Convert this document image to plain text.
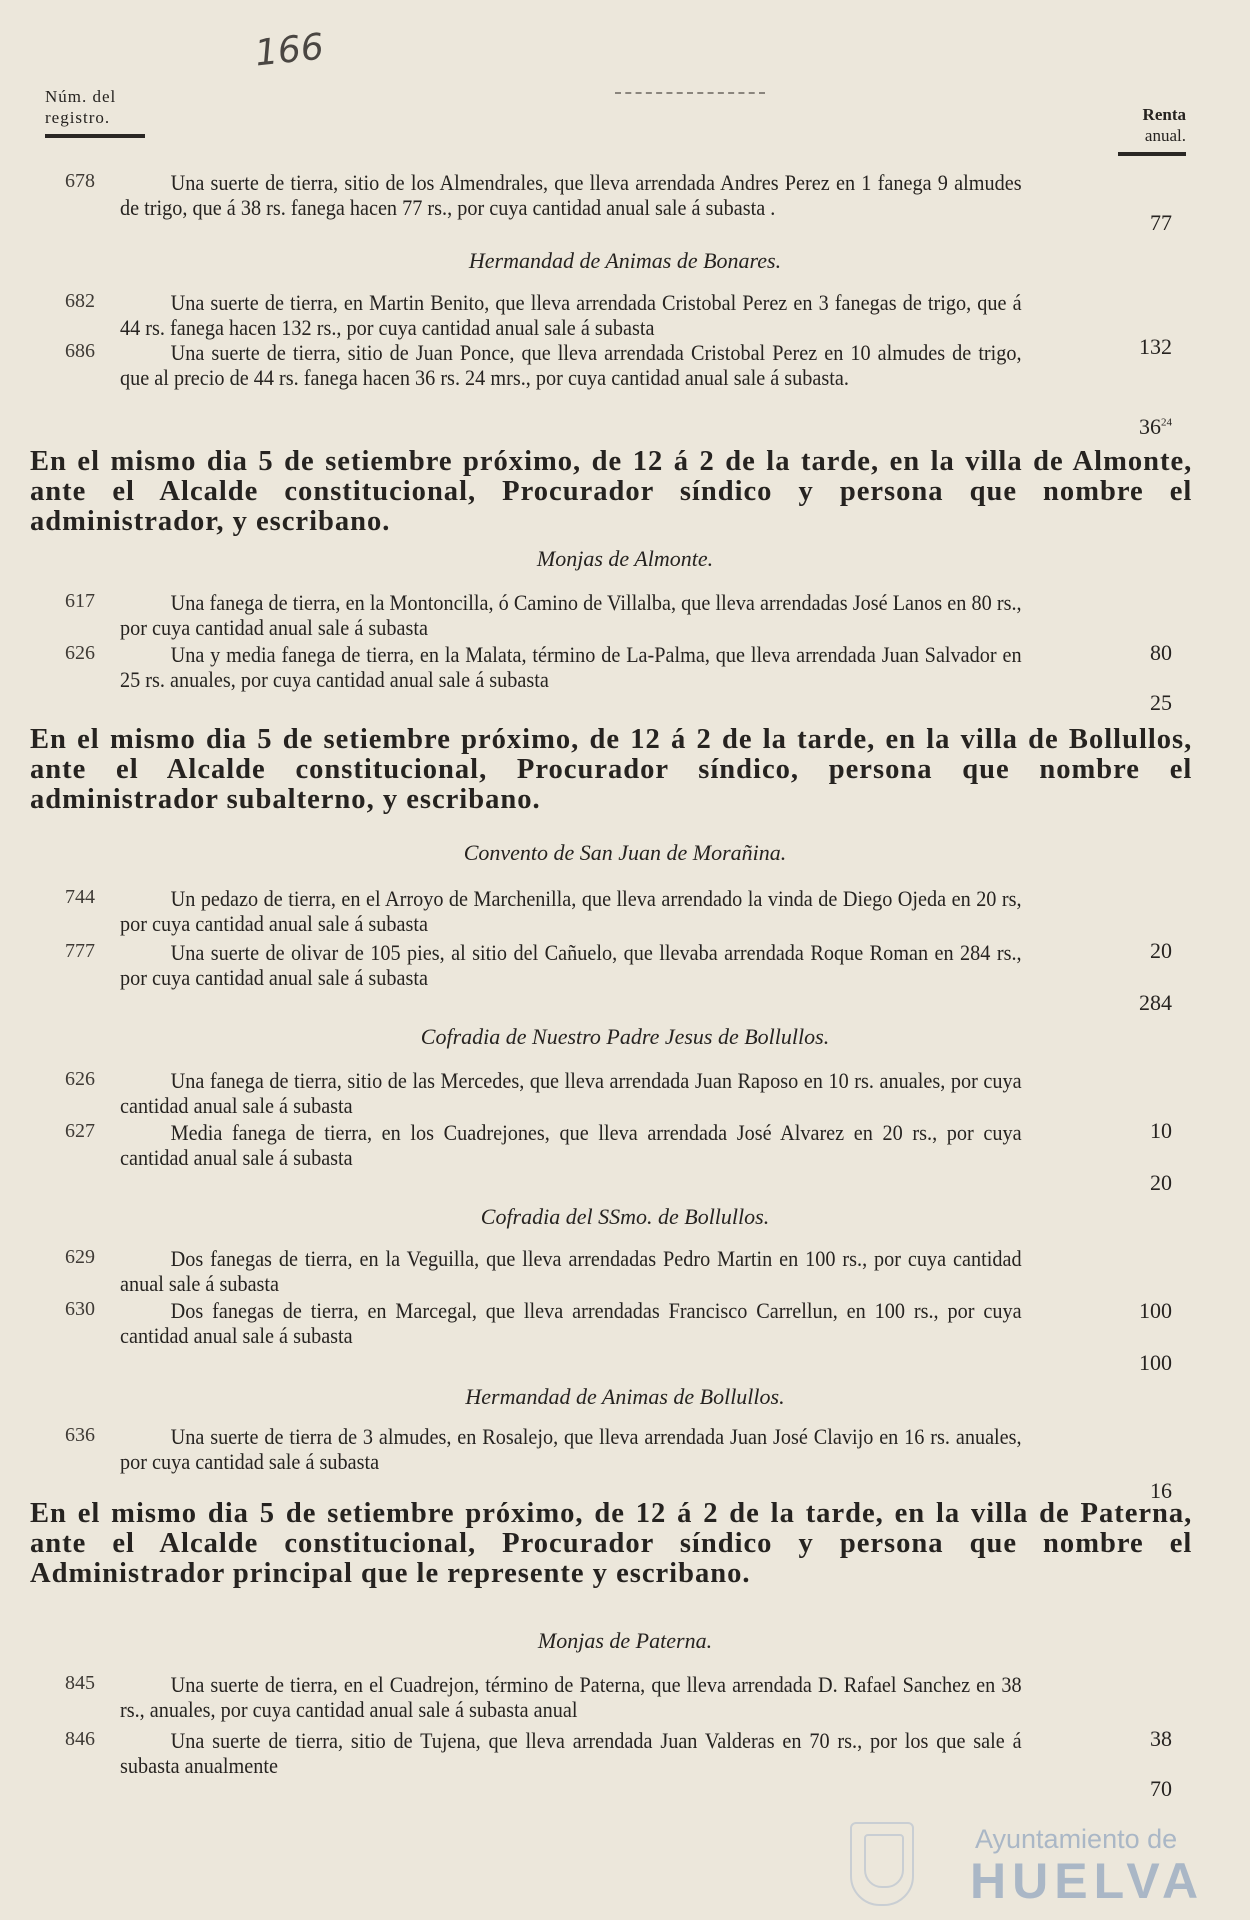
166
Núm. del registro.	Renta
anual.
678	Una suerte de tierra, sitio de los Almendrales, que lleva arrendada Andres Perez en 1 fanega 9 almudes de trigo, que á 38 rs. fanega hacen 77 rs., por cuya cantidad anual sale á subasta .
77
Hermandad de Animas de Bonares.
682	Una suerte de tierra, en Martin Benito, que lleva arrendada Cristobal Perez en 3 fanegas de trigo, que á 44 rs. fanega hacen 132 rs., por cuya cantidad anual sale á subasta
132
686	Una suerte de tierra, sitio de Juan Ponce, que lleva arrendada Cristobal Perez en 10 almudes de trigo, que al precio de 44 rs. fanega hacen 36 rs. 24 mrs., por cuya cantidad anual sale á subasta.
$36^{24}$
En el mismo dia 5 de setiembre próximo, de 12 á 2 de la tarde, en la villa de Almonte, ante el Alcalde constitucional, Procurador síndico y persona que nombre el administrador, y escribano.
Monjas de Almonte.
617	Una fanega de tierra, en la Montoncilla, ó Camino de Villalba, que lleva arrendadas José Lanos en 80 rs., por cuya cantidad anual sale á subasta
80
626	Una y media fanega de tierra, en la Malata, término de La-Palma, que lleva arrendada Juan Salvador en 25 rs. anuales, por cuya cantidad anual sale á subasta
25
En el mismo dia 5 de setiembre próximo, de 12 á 2 de la tarde, en la villa de Bollullos, ante el Alcalde constitucional, Procurador síndico, persona que nombre el administrador subalterno, y escribano.
Convento de San Juan de Morañina.
744	Un pedazo de tierra, en el Arroyo de Marchenilla, que lleva arrendado la vinda de Diego Ojeda en 20 rs, por cuya cantidad anual sale á subasta
20
777	Una suerte de olivar de 105 pies, al sitio del Cañuelo, que llevaba arrendada Roque Roman en 284 rs., por cuya cantidad anual sale á subasta
284
Cofradia de Nuestro Padre Jesus de Bollullos.
626	Una fanega de tierra, sitio de las Mercedes, que lleva arrendada Juan Raposo en 10 rs. anuales, por cuya cantidad anual sale á subasta
10
627	Media fanega de tierra, en los Cuadrejones, que lleva arrendada José Alvarez en 20 rs., por cuya cantidad anual sale á subasta
20
Cofradia del SSmo. de Bollullos.
629	Dos fanegas de tierra, en la Veguilla, que lleva arrendadas Pedro Martin en 100 rs., por cuya cantidad anual sale á subasta
100
630	Dos fanegas de tierra, en Marcegal, que lleva arrendadas Francisco Carrellun, en 100 rs., por cuya cantidad anual sale á subasta
100
Hermandad de Animas de Bollullos.
636	Una suerte de tierra de 3 almudes, en Rosalejo, que lleva arrendada Juan José Clavijo en 16 rs. anuales, por cuya cantidad sale á subasta
16
En el mismo dia 5 de setiembre próximo, de 12 á 2 de la tarde, en la villa de Paterna, ante el Alcalde constitucional, Procurador síndico y persona que nombre el Administrador principal que le represente y escribano.
Monjas de Paterna.
845	Una suerte de tierra, en el Cuadrejon, término de Paterna, que lleva arrendada D. Rafael Sanchez en 38 rs., anuales, por cuya cantidad anual sale á subasta anual
38
846	Una suerte de tierra, sitio de Tujena, que lleva arrendada Juan Valderas en 70 rs., por los que sale á subasta anualmente
70
Ayuntamiento de
HUELVA
